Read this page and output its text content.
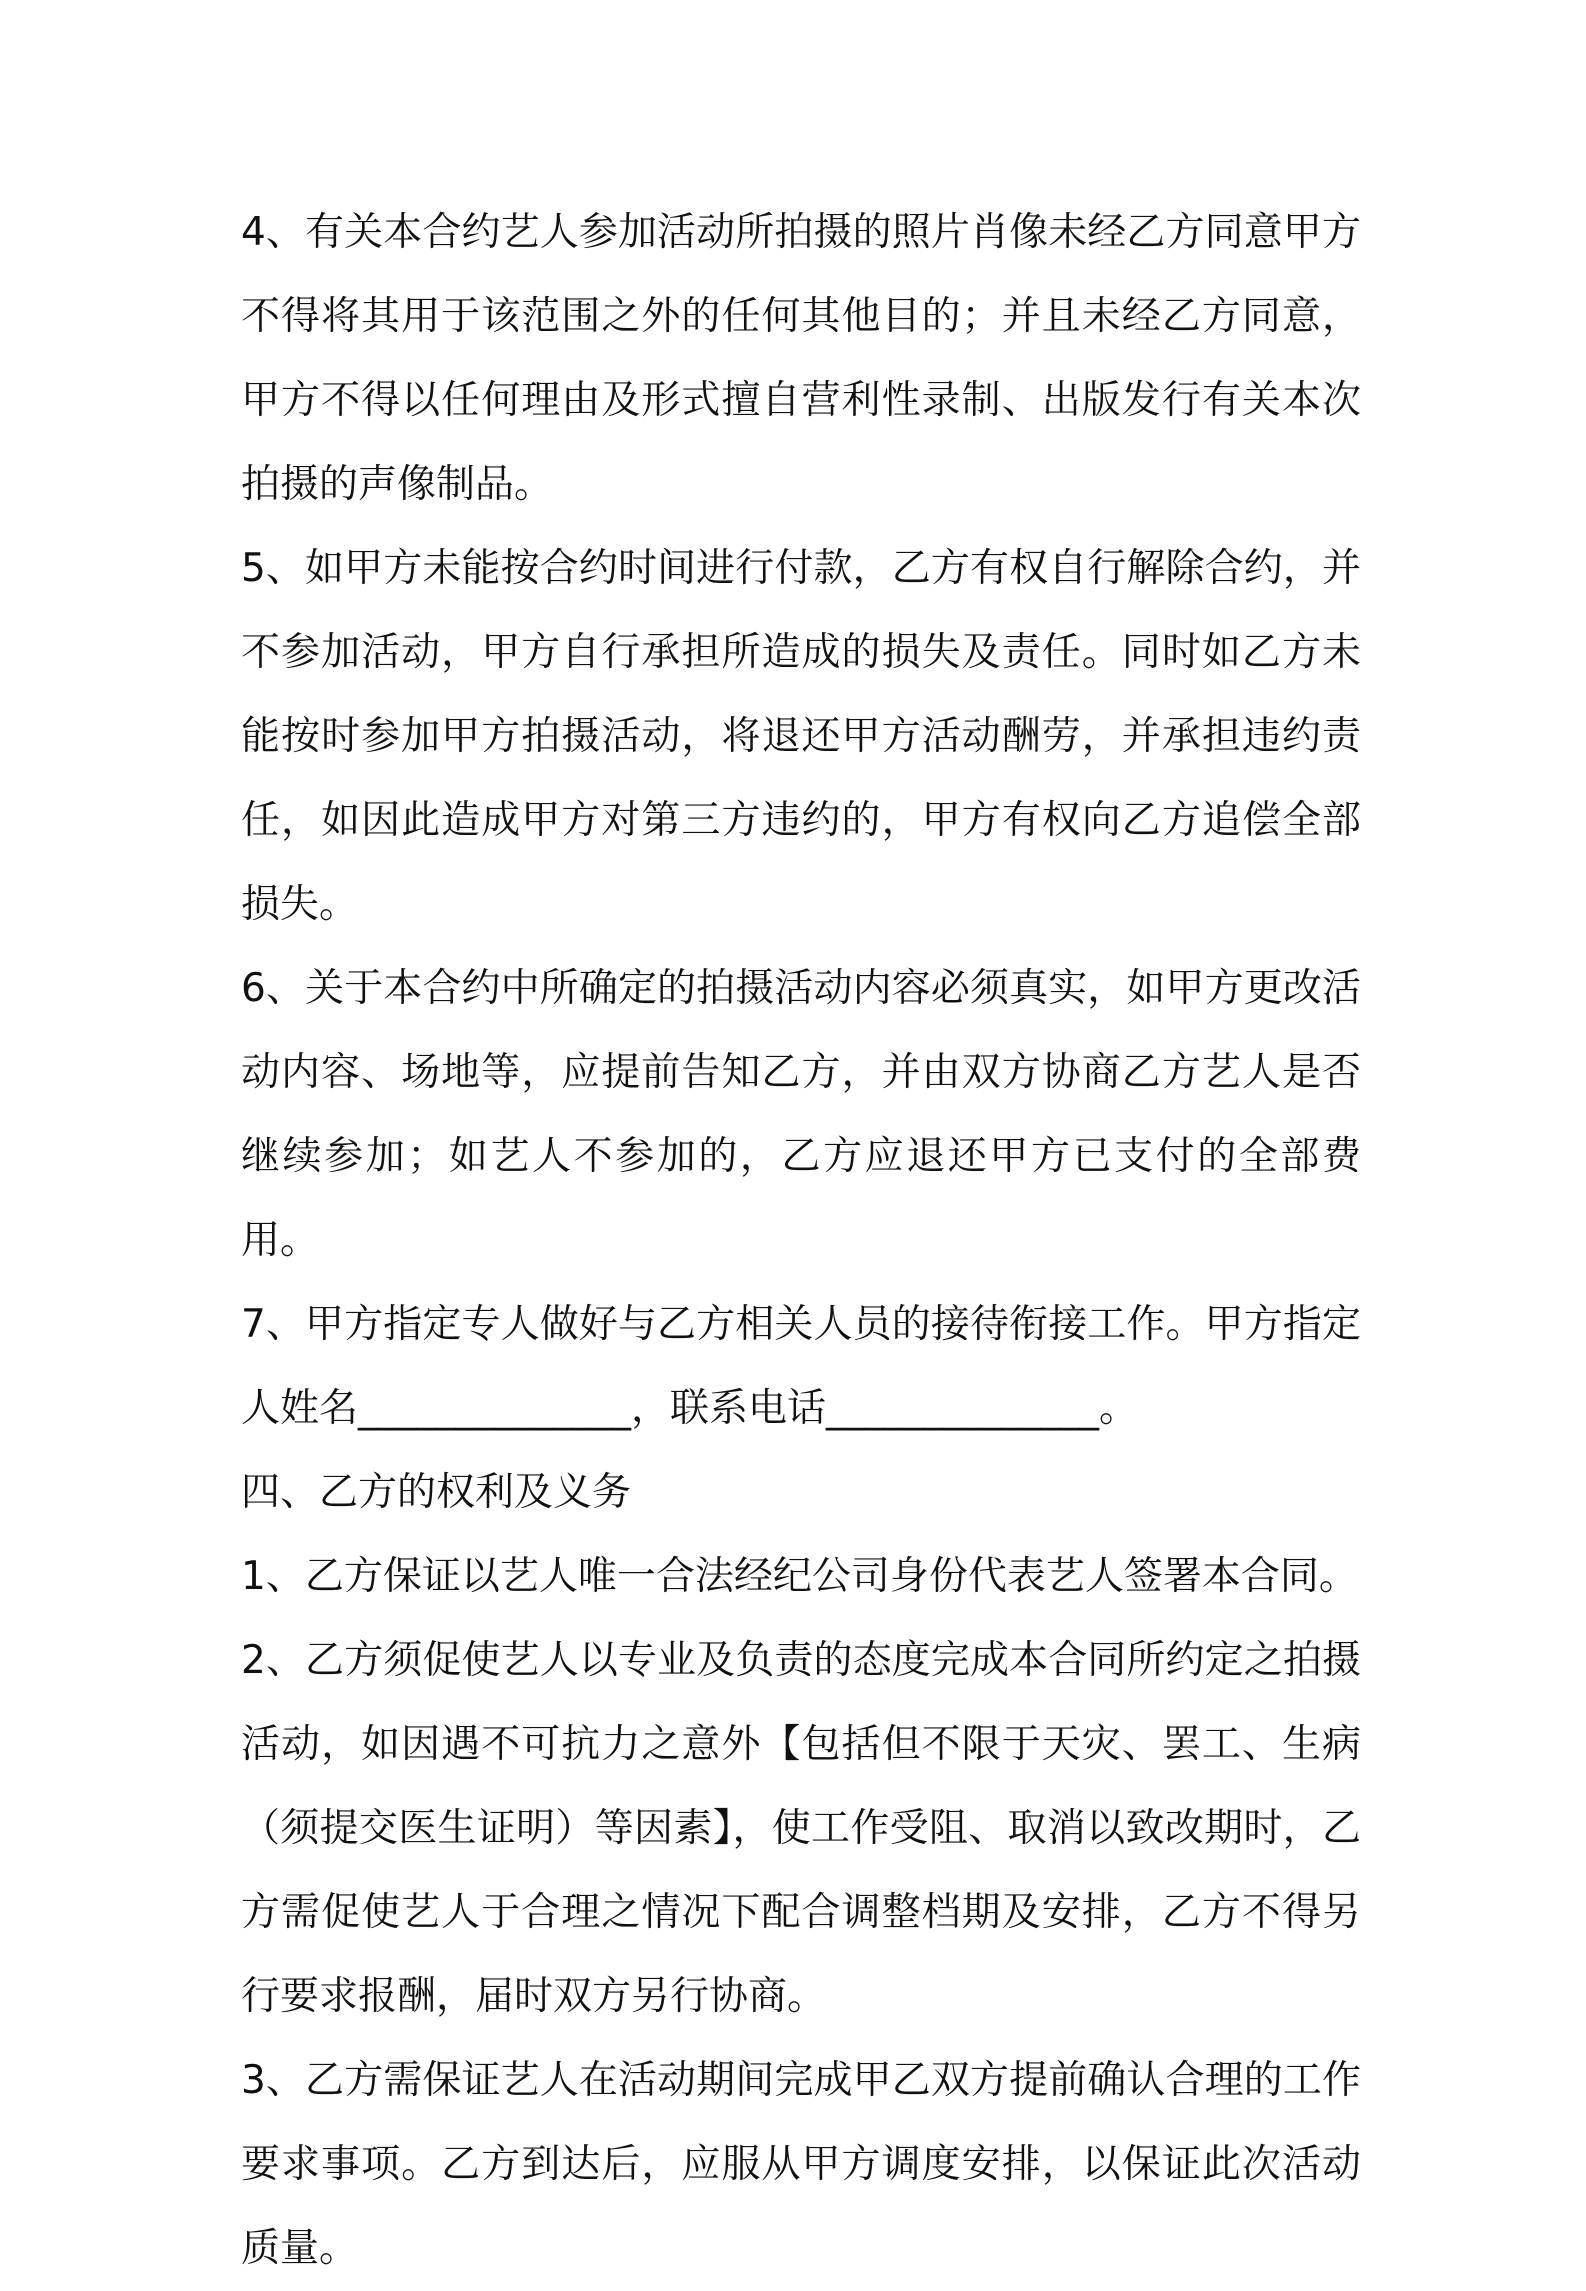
4、有关本合约艺人参加活动所拍摄的照片肖像未经乙方同意甲方不得将其用于该范围之外的任何其他目的；并且未经乙方同意，甲方不得以任何理由及形式擅自营利性录制、出版发行有关本次拍摄的声像制品。

5、如甲方未能按合约时间进行付款，乙方有权自行解除合约，并不参加活动，甲方自行承担所造成的损失及责任。同时如乙方未能按时参加甲方拍摄活动，将退还甲方活动酬劳，并承担违约责任，如因此造成甲方对第三方违约的，甲方有权向乙方追偿全部损失。

6、关于本合约中所确定的拍摄活动内容必须真实，如甲方更改活动内容、场地等，应提前告知乙方，并由双方协商乙方艺人是否继续参加；如艺人不参加的，乙方应退还甲方已支付的全部费用。

7、甲方指定专人做好与乙方相关人员的接待衔接工作。甲方指定人姓名______________，联系电话______________。

四、乙方的权利及义务

1、乙方保证以艺人唯一合法经纪公司身份代表艺人签署本合同。

2、乙方须促使艺人以专业及负责的态度完成本合同所约定之拍摄活动，如因遇不可抗力之意外【包括但不限于天灾、罢工、生病（须提交医生证明）等因素】，使工作受阻、取消以致改期时，乙方需促使艺人于合理之情况下配合调整档期及安排，乙方不得另行要求报酬，届时双方另行协商。

3、乙方需保证艺人在活动期间完成甲乙双方提前确认合理的工作要求事项。乙方到达后，应服从甲方调度安排，以保证此次活动质量。
